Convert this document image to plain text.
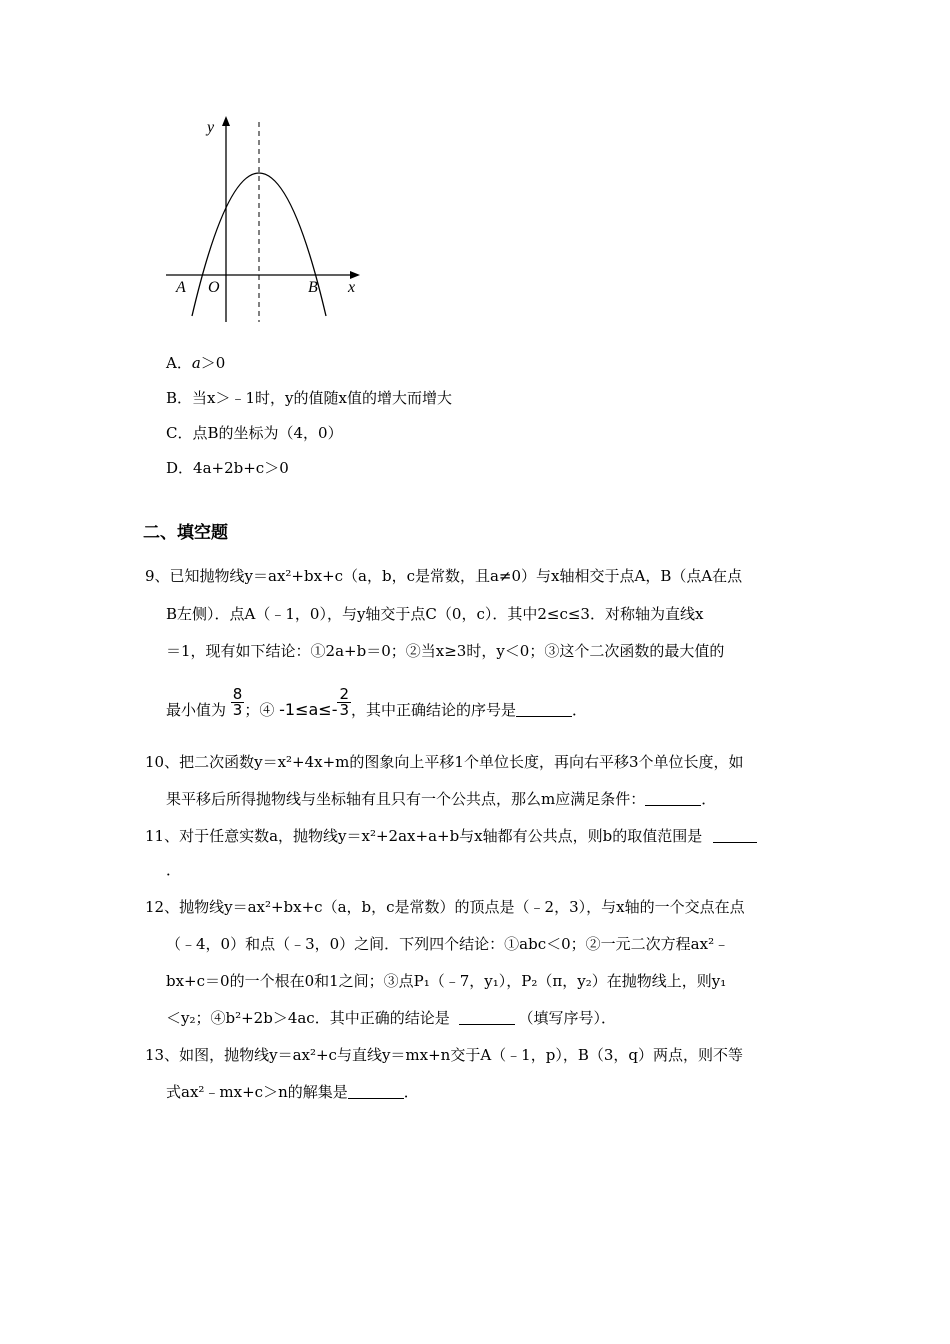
y
x
O
A	B
A．a＞0
B．当x＞﹣1时，y的值随x值的增大而增大
C．点B的坐标为（4，0）
D．4a+2b+c＞0
二、填空题
9、已知抛物线y＝ax²+bx+c（a，b，c是常数，且a≠0）与x轴相交于点A，B（点A在点
B左侧）．点A（﹣1，0），与y轴交于点C（0，c）．其中2≤c≤3．对称轴为直线x
＝1，现有如下结论：①2a+b＝0；②当x≥3时，y＜0；③这个二次函数的最大值的
最小值为 $\frac{8}{3}$ ；④ $-1\le a\le- \frac{2}{3}$ ，其中正确结论的序号是	．
10、把二次函数y＝x²+4x+m的图象向上平移1个单位长度，再向右平移3个单位长度，如
果平移后所得抛物线与坐标轴有且只有一个公共点，那么m应满足条件：	．
11、对于任意实数a，抛物线y＝x²+2ax+a+b与x轴都有公共点，则b的取值范围是
．
12、抛物线y＝ax²+bx+c（a，b，c是常数）的顶点是（﹣2，3），与x轴的一个交点在点
（﹣4，0）和点（﹣3，0）之间．下列四个结论：①abc＜0；②一元二次方程ax²﹣
bx+c＝0的一个根在0和1之间；③点P₁（﹣7，y₁），P₂（π，y₂）在抛物线上，则y₁
＜y₂；④b²+2b＞4ac．其中正确的结论是	（填写序号）．
13、如图，抛物线y＝ax²+c与直线y＝mx+n交于A（﹣1，p），B（3，q）两点，则不等
式ax²﹣mx+c＞n的解集是	．
